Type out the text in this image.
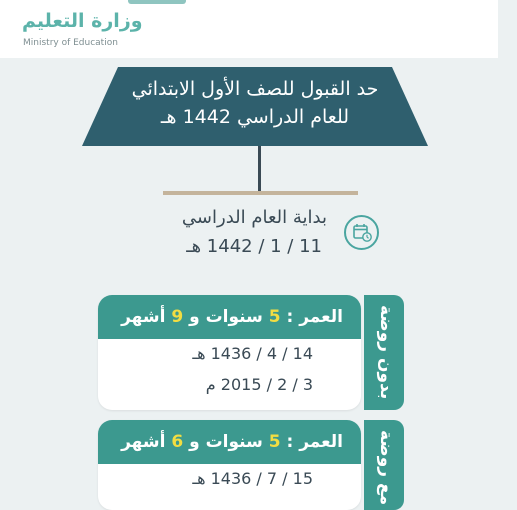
وزارة التعليم
Ministry of Education
حد القبول للصف الأول الابتدائي
للعام الدراسي 1442 هـ
بداية العام الدراسي
11 / 1 / 1442 هـ
العمر : 5 سنوات و 9 أشهر
14 / 4 / 1436 هـ
3 / 2 / 2015 م	بدون روضة
العمر : 5 سنوات و 6 أشهر
15 / 7 / 1436 هـ	مع روضة
